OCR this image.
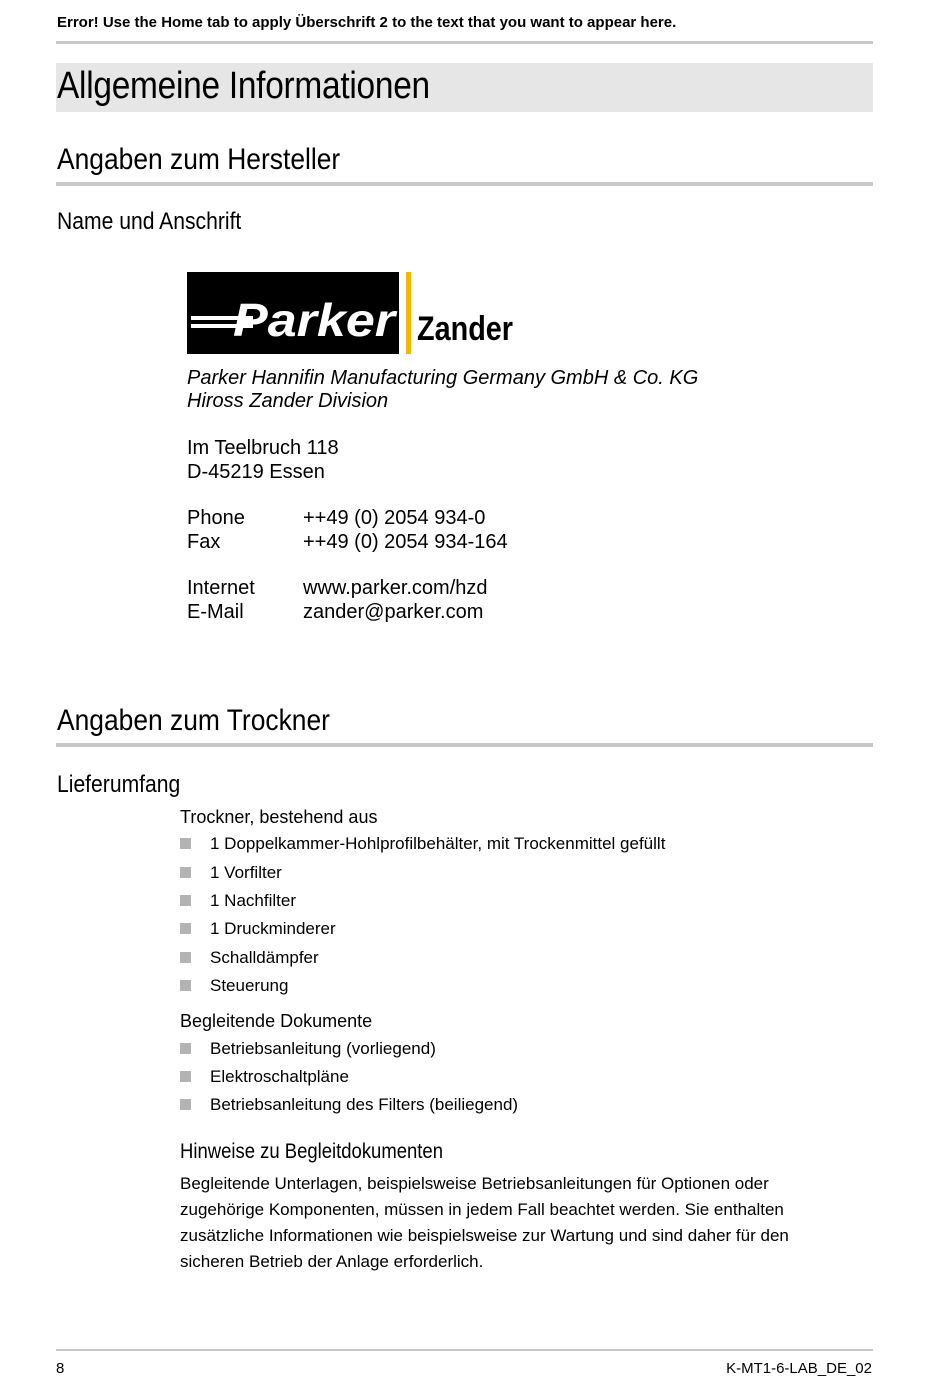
Error! Use the Home tab to apply Überschrift 2 to the text that you want to appear here.
Allgemeine Informationen
Angaben zum Hersteller
Name und Anschrift
Parker Zander
Parker Hannifin Manufacturing Germany GmbH & Co. KG
Hiross Zander Division
Im Teelbruch 118
D-45219 Essen
Phone	++49 (0) 2054 934-0
Fax	++49 (0) 2054 934-164
Internet www.parker.com/hzd
E-Mail	zander@parker.com
Angaben zum Trockner
Lieferumfang
Trockner, bestehend aus
1 Doppelkammer-Hohlprofilbehälter, mit Trockenmittel gefüllt
1 Vorfilter
1 Nachfilter
1 Druckminderer
Schalldämpfer
Steuerung
Begleitende Dokumente
Betriebsanleitung (vorliegend)
Elektroschaltpläne
Betriebsanleitung des Filters (beiliegend)
Hinweise zu Begleitdokumenten
Begleitende Unterlagen, beispielsweise Betriebsanleitungen für Optionen oder zugehörige Komponenten, müssen in jedem Fall beachtet werden. Sie enthalten zusätzliche Informationen wie beispielsweise zur Wartung und sind daher für den sicheren Betrieb der Anlage erforderlich.
8	K-MT1-6-LAB_DE_02
